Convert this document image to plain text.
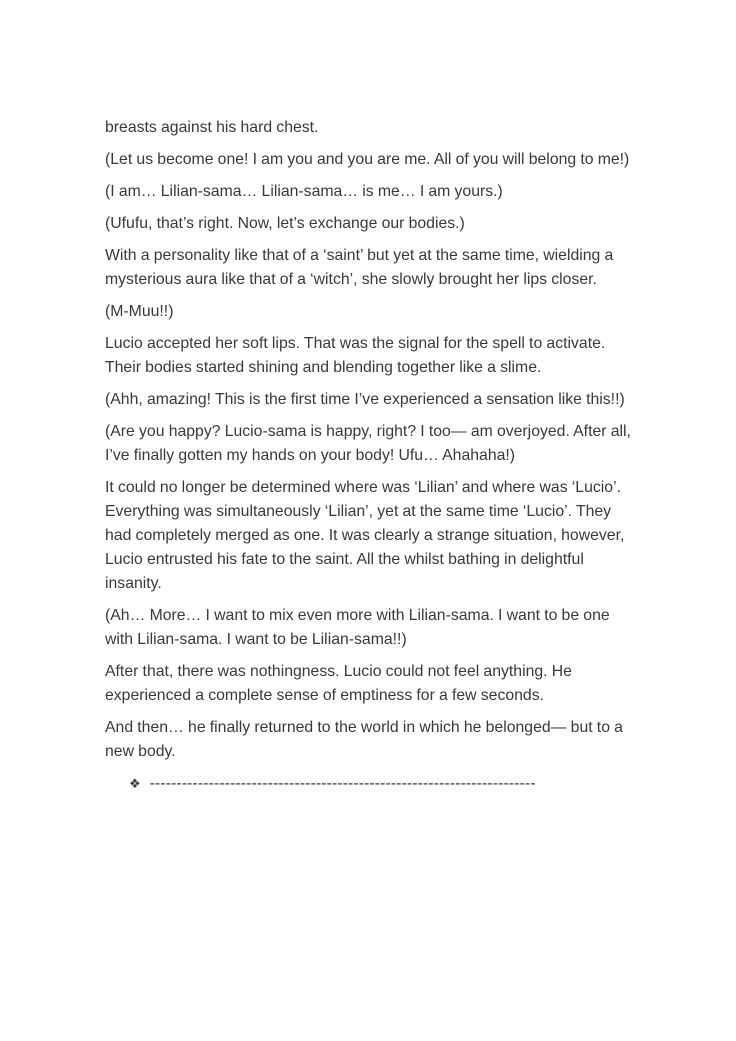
breasts against his hard chest.

(Let us become one! I am you and you are me. All of you will belong to me!)

(I am… Lilian-sama… Lilian-sama… is me… I am yours.)

(Ufufu, that’s right. Now, let’s exchange our bodies.)

With a personality like that of a ‘saint’ but yet at the same time, wielding a mysterious aura like that of a ‘witch’, she slowly brought her lips closer.

(M-Muu!!)

Lucio accepted her soft lips. That was the signal for the spell to activate. Their bodies started shining and blending together like a slime.

(Ahh, amazing! This is the first time I’ve experienced a sensation like this!!)

(Are you happy? Lucio-sama is happy, right? I too— am overjoyed. After all, I’ve finally gotten my hands on your body! Ufu… Ahahaha!)

It could no longer be determined where was ‘Lilian’ and where was ‘Lucio’. Everything was simultaneously ‘Lilian’, yet at the same time ‘Lucio’. They had completely merged as one. It was clearly a strange situation, however, Lucio entrusted his fate to the saint. All the whilst bathing in delightful insanity.

(Ah… More… I want to mix even more with Lilian-sama. I want to be one with Lilian-sama. I want to be Lilian-sama!!)

After that, there was nothingness. Lucio could not feel anything. He experienced a complete sense of emptiness for a few seconds.

And then… he finally returned to the world in which he belonged— but to a new body.

❖ ------------------------------------------------------------------------
